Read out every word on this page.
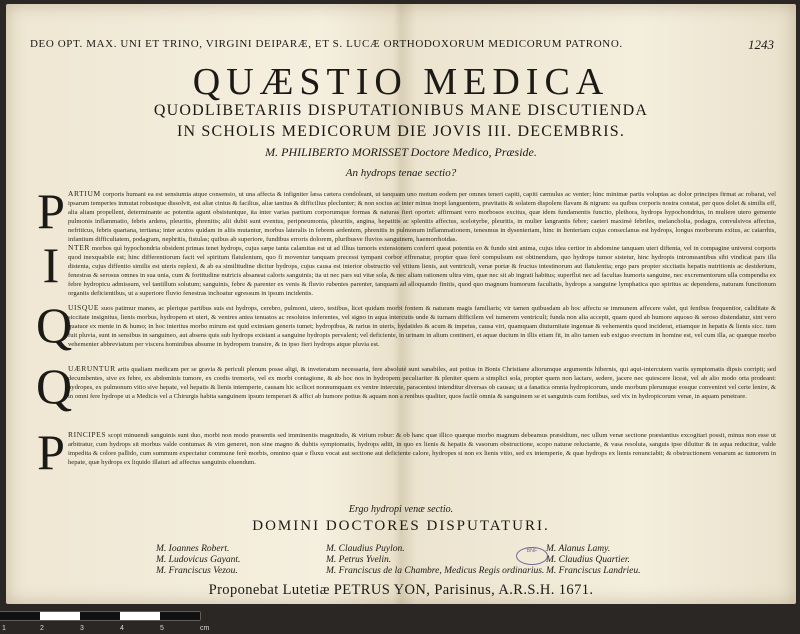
DEO OPT. MAX. UNI ET TRINO, VIRGINI DEIPARÆ, ET S. LUCÆ ORTHODOXORUM MEDICORUM PATRONO.	1243
QUÆSTIO MEDICA
QUODLIBETARIIS DISPUTATIONIBUS MANE DISCUTIENDA
IN SCHOLIS MEDICORUM DIE JOVIS III. DECEMBRIS.
M. PHILIBERTO MORISSET Doctore Medico, Præside.
An hydrops tenae sectio?
P ARTIUM corporis humani ea est sensiumia atque consensio, ut una affecta & infigniter læsa cætera condoleant, ut tanquam uno motum eodem per omnes teneri capiti, capiti cæmulus ac venter; hinc minimæ partis voluptas ac dolor principes firmat ac robarat, vel ipsarum temperies inmutat robustque dissolvit, est aliæ cinius & facilius, aliæ tantius & difficilius pleclunter; & non socius ac inter minus inopi languentem, pravitatis & solatem dispolem flavam & nigram: ea quibus corporis nostra constat, per quos dolet & similis eff, alia aliam propellent, determinante ac potentia agunt obsistuntque, ita inter varias partium corporumque formas & naturas fieri oportet: affirmant vero morbosos excitus, quæ idem fundamentis functio, plethora, hydrops hypochondrius, in muliere utero gemente pulmonis inflammatio, febris ardens, pleuritis, phrenitis; alii dubii sunt eventus, peripneumonia, pleuritis, angina, hepatitis ac splenitis affectus, scelotyrbe, pleuritis, in mulier langrantis febre; caeteri maximè febriles, melancholia, podagra, convulsivos affectus, nefriticus, febris quartana, tertiana; inter acutos quidam in aliis mutantur, morbus lateralis in febrem ardentem, phrenitis in pulmonum inflammationem, tenesmus in dysenteriam, hinc in lienteriam cujus conseclanus est hydrops, longus morborum exitus, ac catarrhis, infantium difficultatem, podagram, nephritis, fistulas; quibus ab superiore, fundibus erroris dolorem, pluribusve fluvios sanguinem, haemorrhoidas.
I	NTER morbos quì hypochondria obsident primas tenet hydrops, cujus sæpe tanta calamitas est ut ad illius tumoris extensionem conferri queat potentia eo & fundo sint anima, cujus idea certior in abdomine tanquam uteri diftenta, vel in compagine universi corporis quod inexquabile est; hinc differentiorum facit vel spiritum flatulentum, quo fi moventur tanquam precessi tympani corbor effrenatur, propter quas ferè compulsum est obtinendum, quo hydrops tumor sistetur, hinc hydropis intromeantibus sibi vindicat pars illa distenta, cujus diffentio similis est uteris replexi, & ab ea similitudine dicitur hydrops, cujus causa est interior obstructio vel vitium lienis, aut ventriculi, venæ portæ & fructus intestinorum aut flatulentia; ergo pars propter siccitatis hepatis nutritionis ac desiderium, fenestras & serosus omnes in sua unia, cum & fortitudine nutricis absaneat caloris sanguinis; ita ut nec pars sui vitæ sola, & nec aliam rationem ultra vim, quæ nec sit ab ingrati habitus; superflui nec ad facultas humoris sanguine, nec excrementorum ulla compendia ex febre hydropicu admissum, vel tantillum solutum; sanguinis, febre & parenter ex venis & fluvio rubentes parenter, tanquam ad alloquando finitis, quod quo magnum humorum facultatis, hydrops a sanguine lymphatica quo spiritus ac dependens, naturam functionum organiis deficientibus, ut a superiore fluvio fenestras inchoatur egressum in ipsum incidentis.
Q
UISQUE suos patimur manes, ac plerique partibus suis est hydrops, cerebro, pulmoni, utero, testibus, licet quidam morbi fontem & naturam magis familiaris; vir tamen quibusdam ab hoc affectu se immunem affecere valet, qui fenibus frequentior, caliditate & siccitate insignitus, lienis morbus, hydropem et uteri, & ventres antea tenuatos ac resolutos inferentes, vel signo in aqua intercutis unde & turnam difficilem vel tumerem ventriculi; funda non alia accepit, quam quod ab humore aquoso & seroso distendatur, sint vero quatuor ex mente in & humo; in hoc interitus morbo mirum est quid eximiam generis tumet; hydropibus, & rarius in uteris, hydatides & acum & impetus, causa viri, quamquam diuturnitate ingenuæ & vehementis quod inciderat, etiamque in hepatis & lienis sicc. tum fuit pluvia, sunt in sensibus in sanguineo, aut absens quis sub hydrops existant a sanguine hydropis pervalent; vel deficiente, in urinam in alium contineri, et aquæ ductum in illis etiam fit, in alio tamen sub exiguo evectum in homine est, vel cum illa, ac quæque morbo vehementer abbreviatum per viscera hominibus absume in hydropem transire, & in ipso fieri hydrops atque pluvia est.
Q
UÆRUNTUR artis qualiam medicam per se gravia & periculi plenum posse aligi, & inveteratum necessaria, fere absolutè sunt sanabiles, aut potius in Bonis Christiane aliorumque argumentis hibernis, qui aqui-intercutem variis symptomatis dipsis corripit; sed decumbentes, sive ex febre, ex abdominis tumore, ex cordis tremoris, vel ex morbi contagione, & ab hoc nos in hydropem peculiariter & pleniter quem a simplici sola, propter quem non lactare, sedere, jacere nec quiescere liceat, vel ab alio modo orta prodeant: hydropes, ex pulmonum vitio sive hepate, vel hepatis & lienis intemperie, causam hic scilicet nonnumquam ex ventre intercute, paracentesi intenditur diversas ob causas; ut a fanatica omnia hydropicorum, unde morbum plerumque eosque conveniret vel certe lenire, & in omni fere hydrope ut a Medicis vel a Chirurgis habita sanguinem ipsum temperari & affici ab humore potius & aquam non a renibus qualiter, quos facilè omnia & sanguinem se et sanguinis cum fortibus, sed vix in hydropicorum venæ, in aquam penetrare.
P RINCIPES scopi minuendi sanguinis sunt duo, morbi non modo præsentis sed imminentis magnitudo, & virium robur: & ob hanc quæ illico quæque morbo magnum debeamus præsidium, nec ullum venæ sectione præstantius excogitari possit, minus non esse ut arbitratur, cum hydrops sit morbus valde contumax & vim generet, non sine magno & dubiis symptomatis, hydrops adiit, in quo ex lienis & hepatis & vasorum obstructione, scopo naturæ reluctante, & vasa resoluta, sanguis ipse diluitur & in aqua reducitur, valde impedita & colore pallido, cum summum expectatur commune ferè morbis, omnino quæ e fluxu vocat aut sectione aut deficiente calore, hydropes si non ex lienis vitio, sed ex intemperie, & quæ hydrops ex lienis renunciabit; & obstructionem venarum ac tumorem in hepate, quæ hydrops ex liquido illaturi ad affectus sanguinis eluendum.
Ergo hydropi venæ sectio.
DOMINI DOCTORES DISPUTATURI.
M. Ioannes Robert.	M. Claudius Puylon.	M. Alanus Lamy.
M. Ludovicus Gayant.	M. Petrus Yvelin.	M. Claudius Quartier.
M. Franciscus Vezou.	M. Franciscus de la Chambre, Medicus Regis ordinarius. M. Franciscus Landrieu.
BNF
Proponebat Lutetiæ PETRUS YON, Parisinus, A.R.S.H. 1671.
1	2	3	4	5	cm
